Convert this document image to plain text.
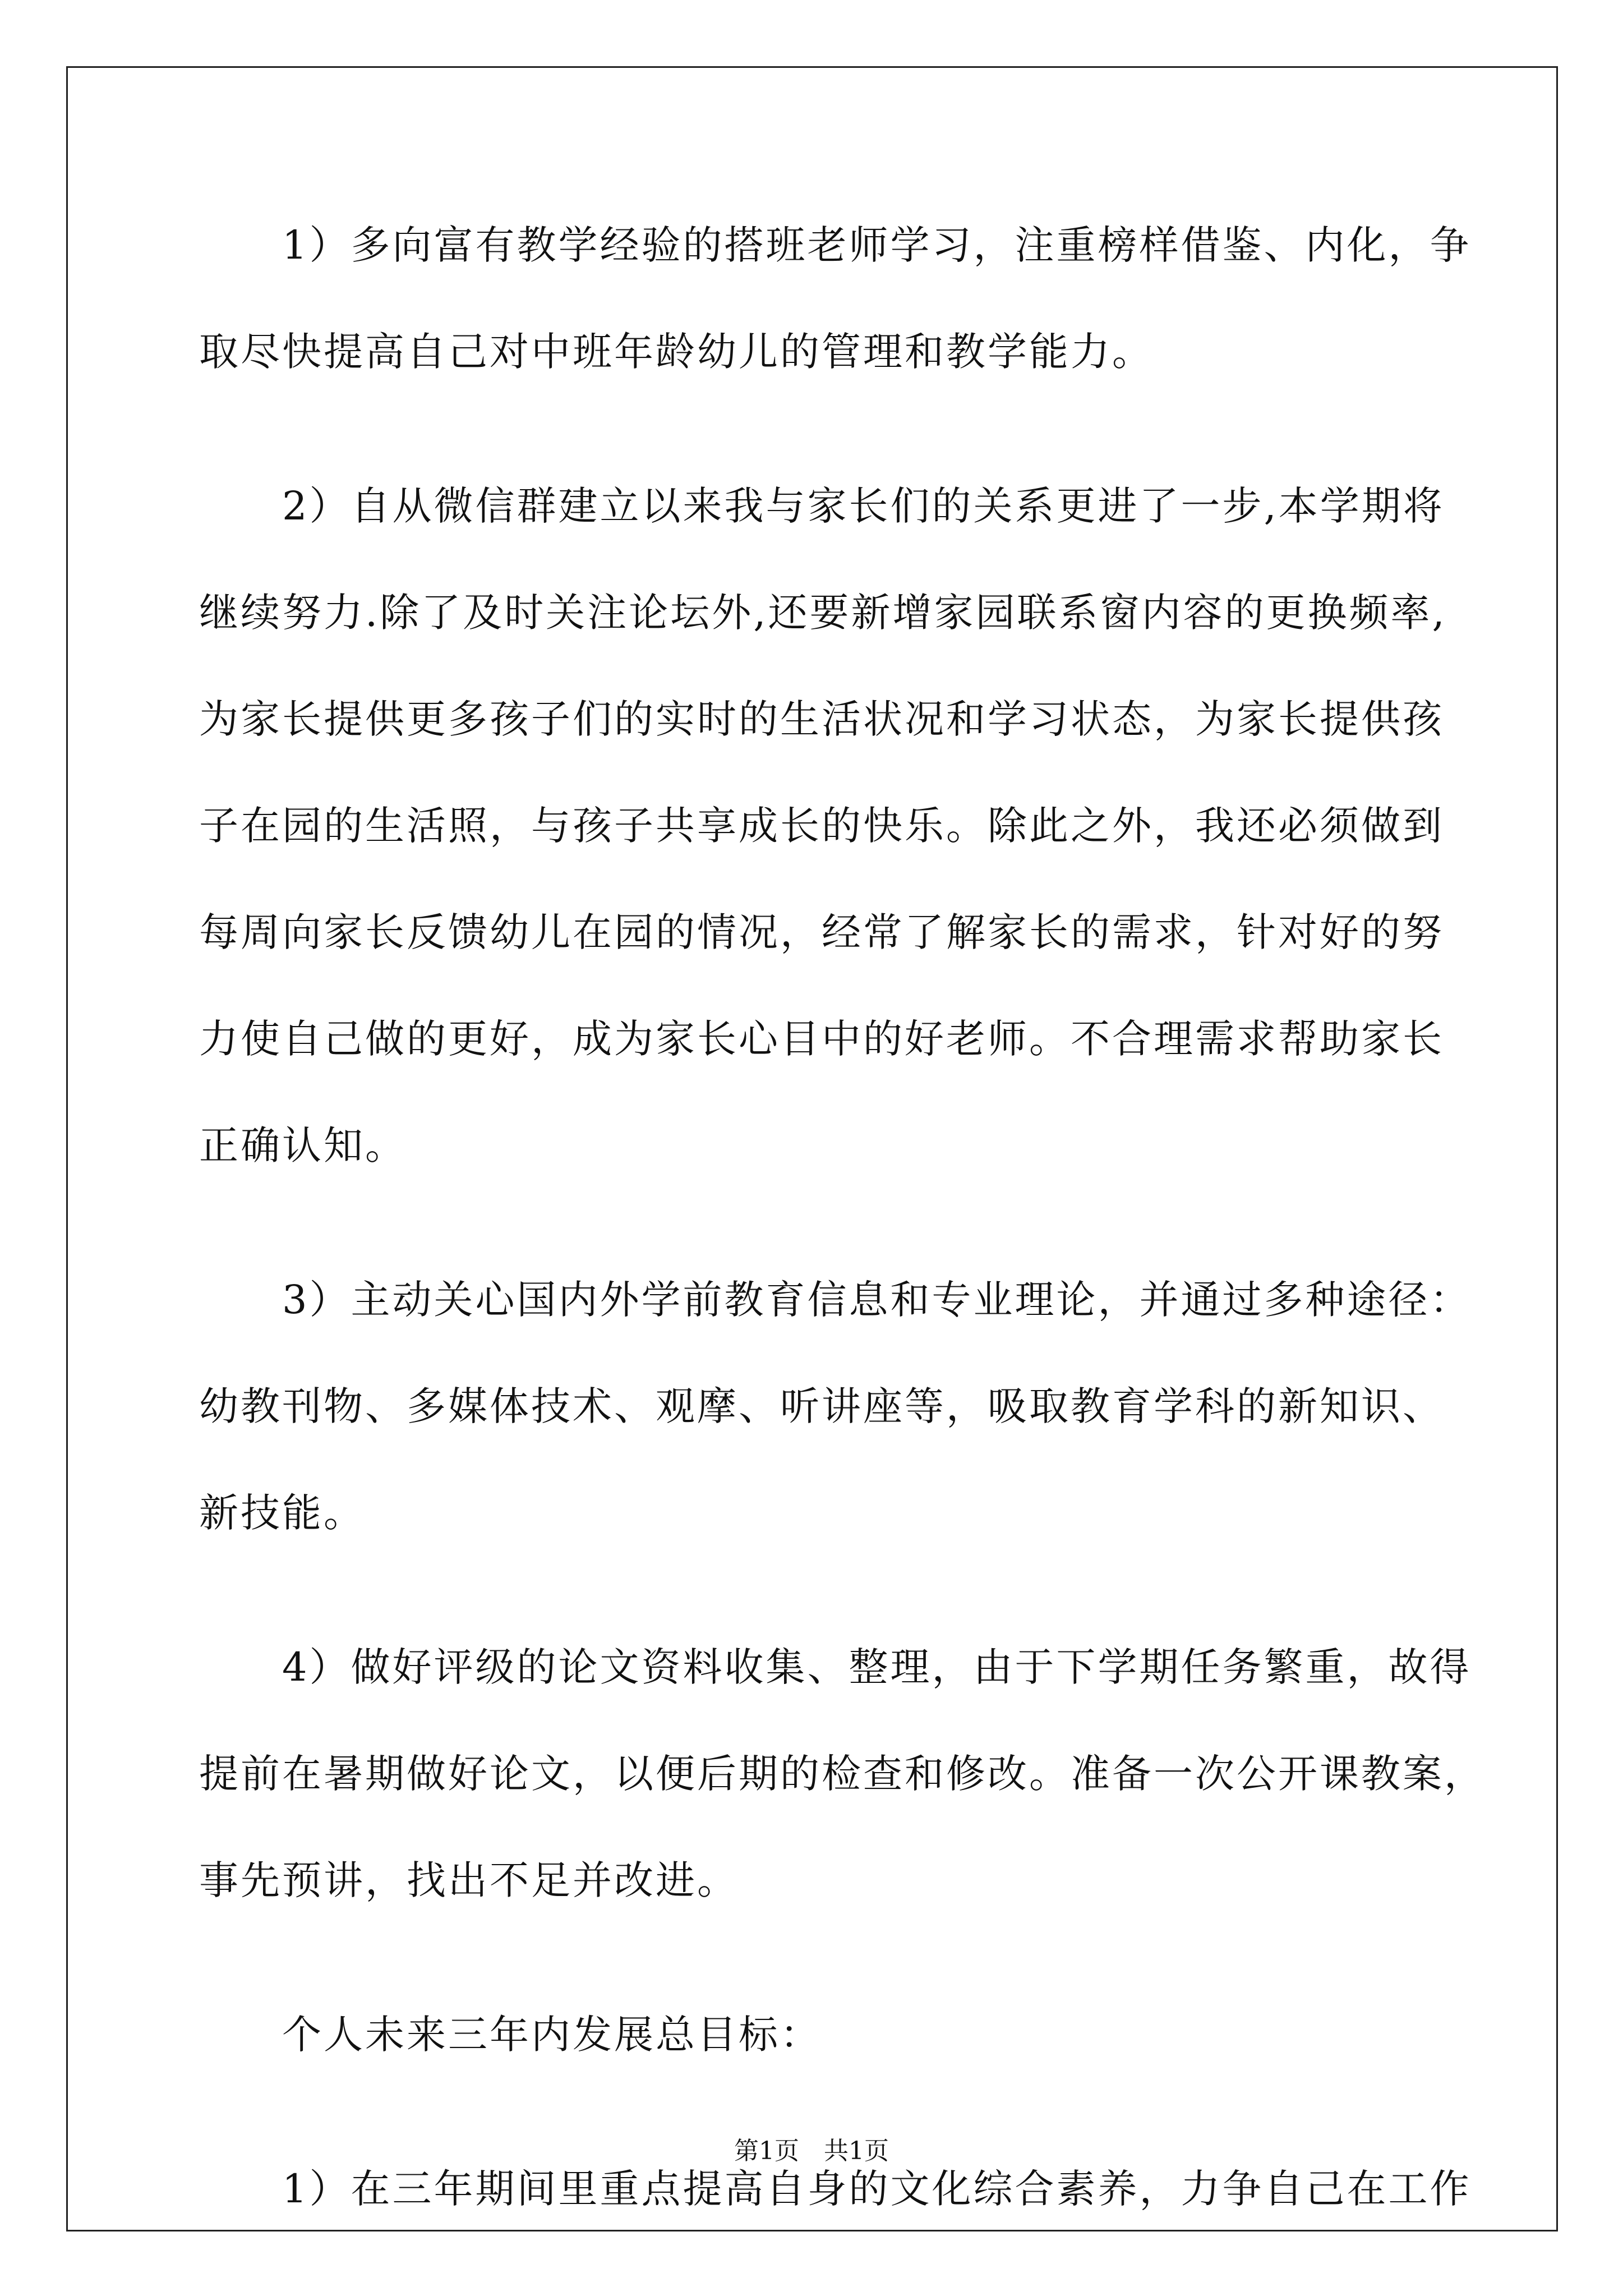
　　1）多向富有教学经验的搭班老师学习，注重榜样借鉴、内化，争
取尽快提高自己对中班年龄幼儿的管理和教学能力。
　　2）自从微信群建立以来我与家长们的关系更进了一步,本学期将
继续努力.除了及时关注论坛外,还要新增家园联系窗内容的更换频率,
为家长提供更多孩子们的实时的生活状况和学习状态，为家长提供孩
子在园的生活照，与孩子共享成长的快乐。除此之外，我还必须做到
每周向家长反馈幼儿在园的情况，经常了解家长的需求，针对好的努
力使自己做的更好，成为家长心目中的好老师。不合理需求帮助家长
正确认知。
　　3）主动关心国内外学前教育信息和专业理论，并通过多种途径：
幼教刊物、多媒体技术、观摩、听讲座等，吸取教育学科的新知识、
新技能。
　　4）做好评级的论文资料收集、整理，由于下学期任务繁重，故得
提前在暑期做好论文，以便后期的检查和修改。准备一次公开课教案，
事先预讲，找出不足并改进。
　　个人未来三年内发展总目标：
　　1）在三年期间里重点提高自身的文化综合素养，力争自己在工作
第1页　共1页
